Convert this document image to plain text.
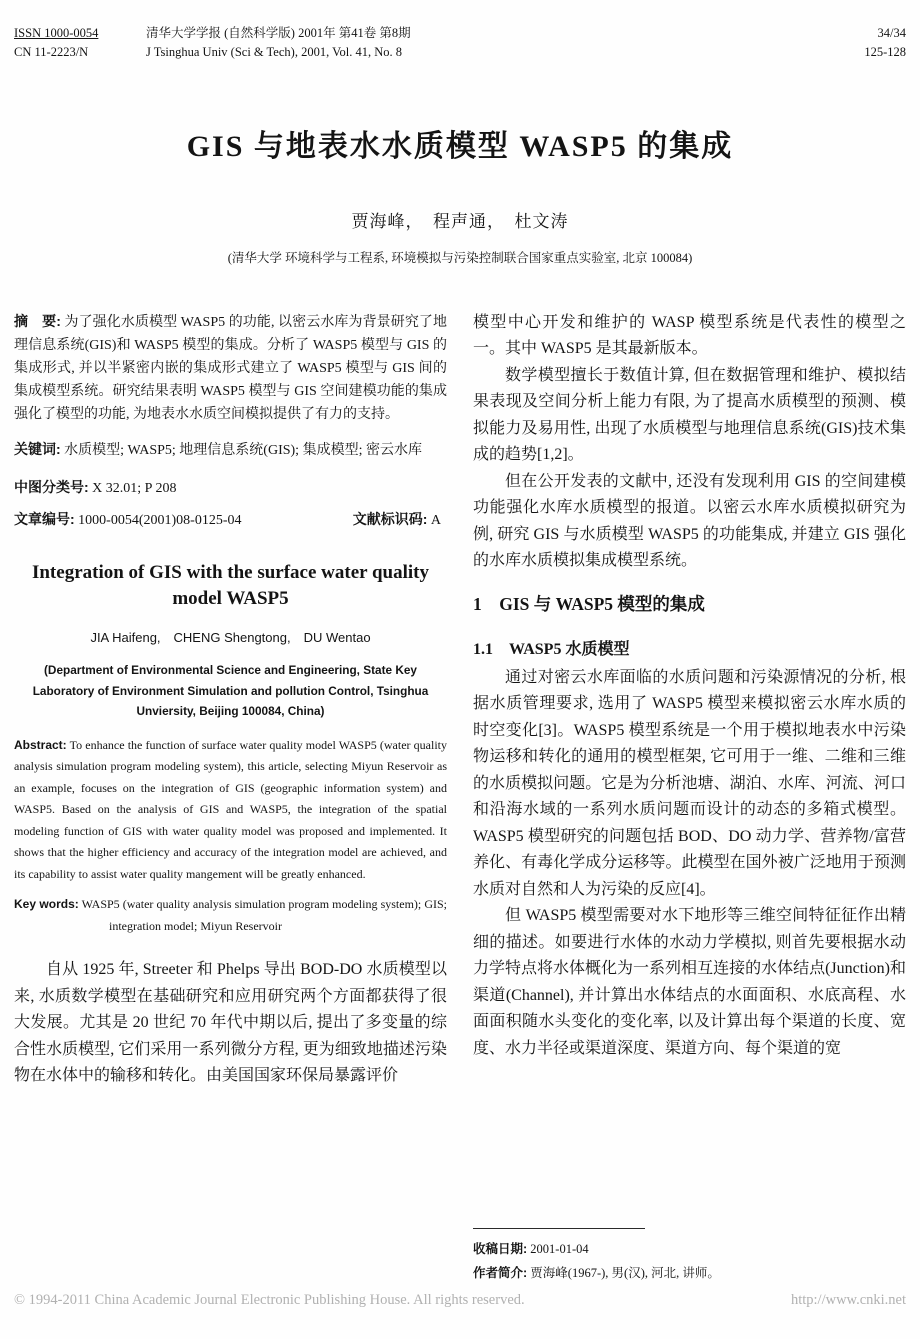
ISSN 1000-0054
CN 11-2223/N
清华大学学报 (自然科学版) 2001年 第41卷 第8期
J Tsinghua Univ (Sci & Tech), 2001, Vol. 41, No. 8
34/34
125-128
GIS 与地表水水质模型 WASP5 的集成
贾海峰，　程声通，　杜文涛
(清华大学 环境科学与工程系, 环境模拟与污染控制联合国家重点实验室, 北京 100084)

摘　要: 为了强化水质模型 WASP5 的功能, 以密云水库为背景研究了地理信息系统(GIS)和 WASP5 模型的集成。分析了 WASP5 模型与 GIS 的集成形式, 并以半紧密内嵌的集成形式建立了 WASP5 模型与 GIS 间的集成模型系统。研究结果表明 WASP5 模型与 GIS 空间建模功能的集成强化了模型的功能, 为地表水水质空间模拟提供了有力的支持。

关键词: 水质模型; WASP5; 地理信息系统(GIS); 集成模型; 密云水库

中图分类号: X 32.01; P 208

文章编号: 1000-0054(2001)08-0125-04	文献标识码: A
Integration of GIS with the surface water quality model WASP5
JIA Haifeng,　CHENG Shengtong,　DU Wentao
(Department of Environmental Science and Engineering, State Key Laboratory of Environment Simulation and pollution Control, Tsinghua Unviersity, Beijing 100084, China)

Abstract: To enhance the function of surface water quality model WASP5 (water quality analysis simulation program modeling system), this article, selecting Miyun Reservoir as an example, focuses on the integration of GIS (geographic information system) and WASP5. Based on the analysis of GIS and WASP5, the integration of the spatial modeling function of GIS with water quality model was proposed and implemented. It shows that the higher efficiency and accuracy of the integration model are achieved, and its capability to assist water quality mangement will be greatly enhanced.

Key words: WASP5 (water quality analysis simulation program modeling system); GIS; integration model; Miyun Reservoir

自从 1925 年, Streeter 和 Phelps 导出 BOD-DO 水质模型以来, 水质数学模型在基础研究和应用研究两个方面都获得了很大发展。尤其是 20 世纪 70 年代中期以后, 提出了多变量的综合性水质模型, 它们采用一系列微分方程, 更为细致地描述污染物在水体中的输移和转化。由美国国家环保局暴露评价

模型中心开发和维护的 WASP 模型系统是代表性的模型之一。其中 WASP5 是其最新版本。

数学模型擅长于数值计算, 但在数据管理和维护、模拟结果表现及空间分析上能力有限, 为了提高水质模型的预测、模拟能力及易用性, 出现了水质模型与地理信息系统(GIS)技术集成的趋势[1,2]。

但在公开发表的文献中, 还没有发现利用 GIS 的空间建模功能强化水库水质模型的报道。以密云水库水质模拟研究为例, 研究 GIS 与水质模型 WASP5 的功能集成, 并建立 GIS 强化的水库水质模拟集成模型系统。

1　GIS 与 WASP5 模型的集成
1.1　WASP5 水质模型

通过对密云水库面临的水质问题和污染源情况的分析, 根据水质管理要求, 选用了 WASP5 模型来模拟密云水库水质的时空变化[3]。WASP5 模型系统是一个用于模拟地表水中污染物运移和转化的通用的模型框架, 它可用于一维、二维和三维的水质模拟问题。它是为分析池塘、湖泊、水库、河流、河口和沿海水域的一系列水质问题而设计的动态的多箱式模型。WASP5 模型研究的问题包括 BOD、DO 动力学、营养物/富营养化、有毒化学成分运移等。此模型在国外被广泛地用于预测水质对自然和人为污染的反应[4]。

但 WASP5 模型需要对水下地形等三维空间特征征作出精细的描述。如要进行水体的水动力学模拟, 则首先要根据水动力学特点将水体概化为一系列相互连接的水体结点(Junction)和渠道(Channel), 并计算出水体结点的水面面积、水底高程、水面面积随水头变化的变化率, 以及计算出每个渠道的长度、宽度、水力半径或渠道深度、渠道方向、每个渠道的宽

收稿日期: 2001-01-04

作者简介: 贾海峰(1967-), 男(汉), 河北, 讲师。

© 1994-2011 China Academic Journal Electronic Publishing House. All rights reserved.	http://www.cnki.net
